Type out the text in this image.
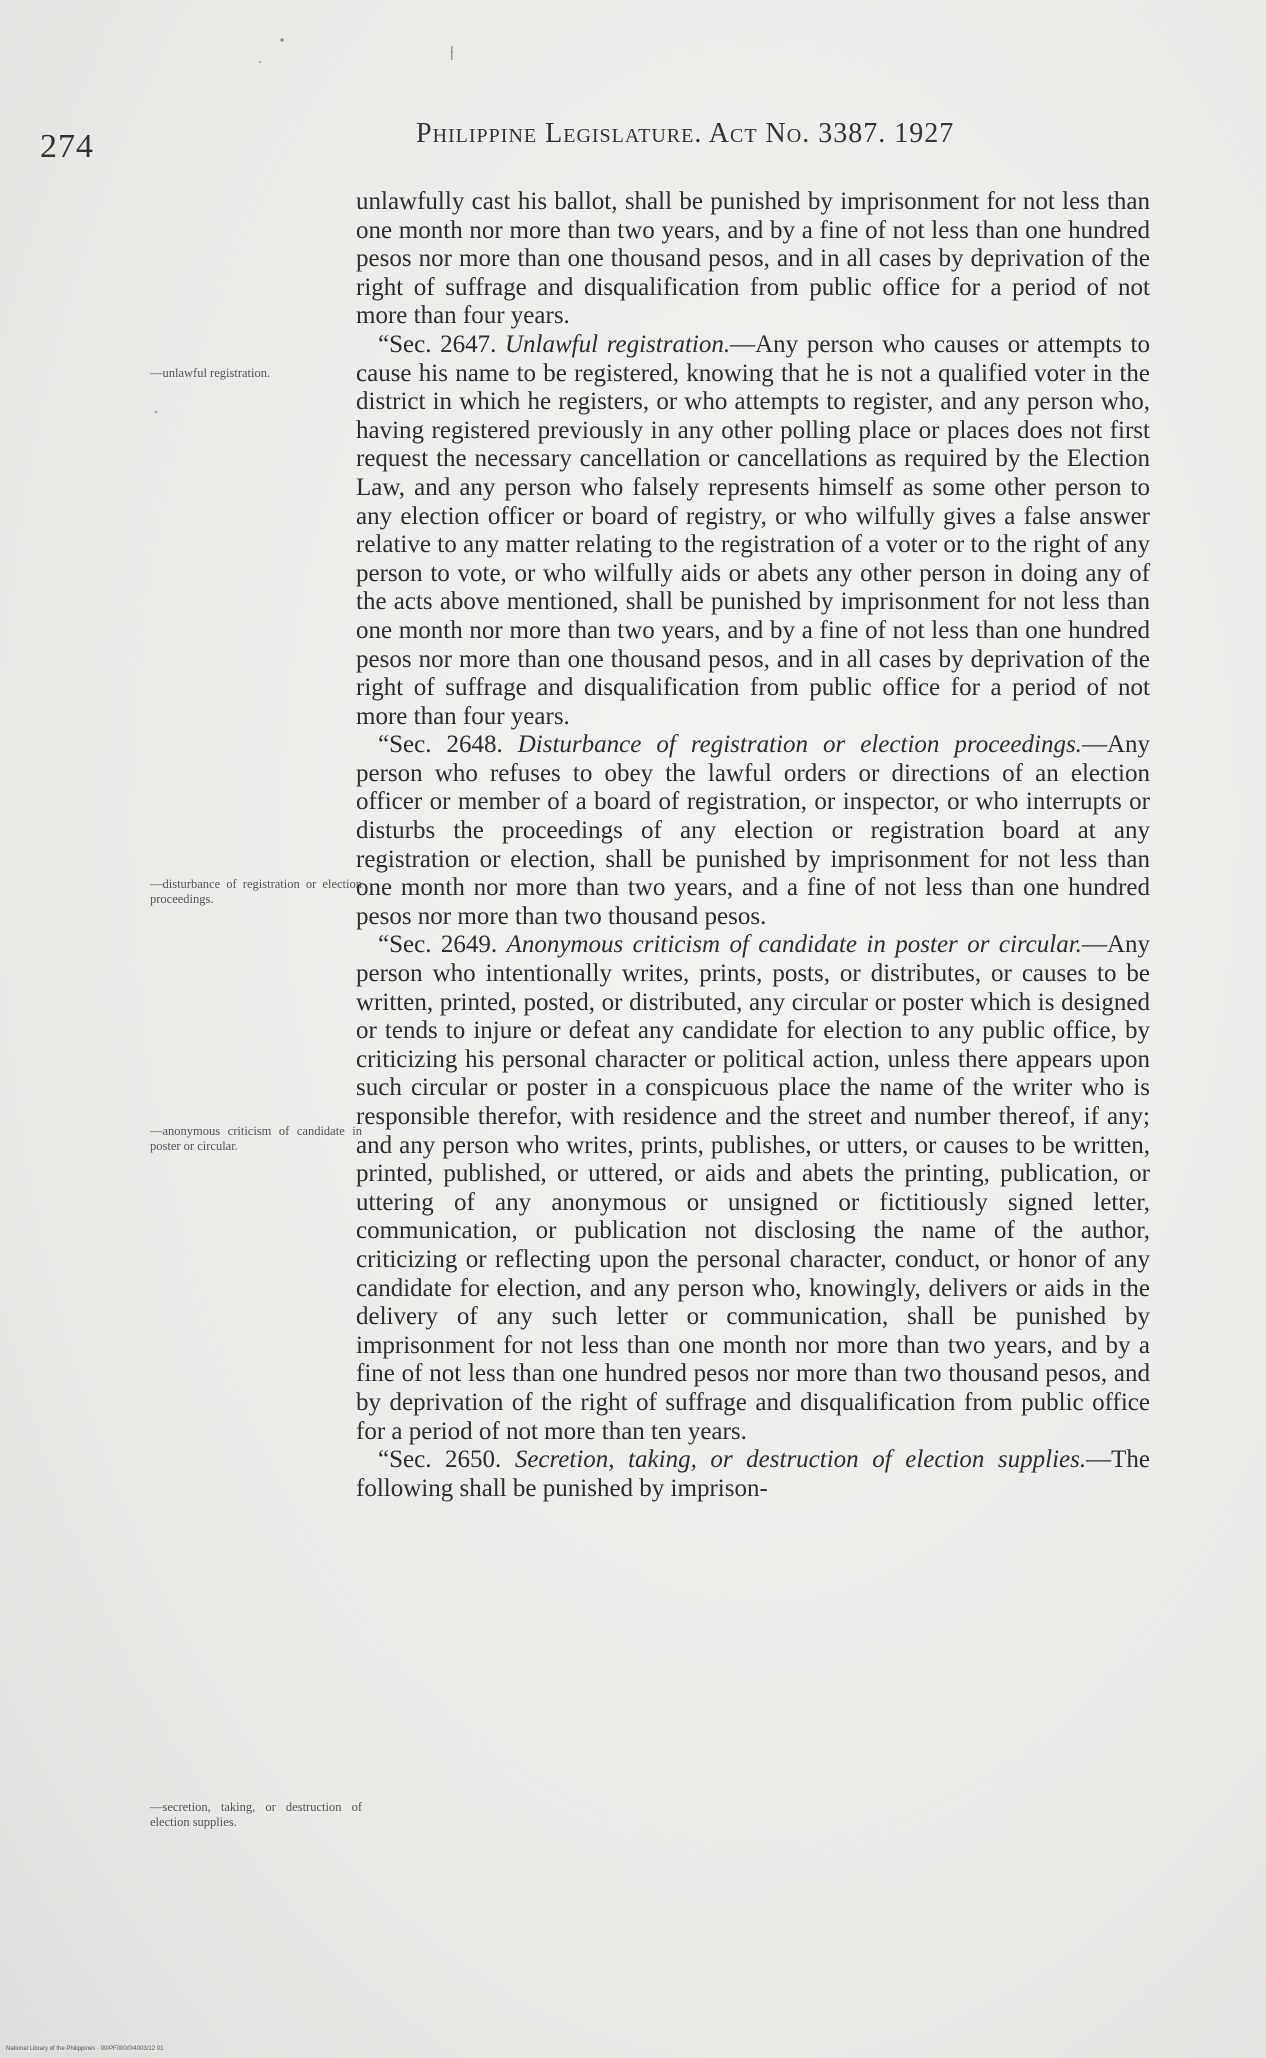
274	Philippine Legislature. Act No. 3387. 1927
—unlawful registration.
—disturbance of registration or election proceedings.
—anonymous criticism of candidate in poster or circular.
—secretion, taking, or destruction of election supplies.

unlawfully cast his ballot, shall be punished by imprisonment for not less than one month nor more than two years, and by a fine of not less than one hundred pesos nor more than one thousand pesos, and in all cases by deprivation of the right of suffrage and disqualification from public office for a period of not more than four years.

“Sec. 2647. Unlawful registration.—Any person who causes or attempts to cause his name to be registered, knowing that he is not a qualified voter in the district in which he registers, or who attempts to register, and any person who, having registered previously in any other polling place or places does not first request the necessary cancellation or cancellations as required by the Election Law, and any person who falsely represents himself as some other person to any election officer or board of registry, or who wilfully gives a false answer relative to any matter relating to the registration of a voter or to the right of any person to vote, or who wilfully aids or abets any other person in doing any of the acts above mentioned, shall be punished by imprisonment for not less than one month nor more than two years, and by a fine of not less than one hundred pesos nor more than one thousand pesos, and in all cases by deprivation of the right of suffrage and disqualification from public office for a period of not more than four years.

“Sec. 2648. Disturbance of registration or election proceedings.—Any person who refuses to obey the lawful orders or directions of an election officer or member of a board of registration, or inspector, or who interrupts or disturbs the proceedings of any election or registration board at any registration or election, shall be punished by imprisonment for not less than one month nor more than two years, and a fine of not less than one hundred pesos nor more than two thousand pesos.

“Sec. 2649. Anonymous criticism of candidate in poster or circular.—Any person who intentionally writes, prints, posts, or distributes, or causes to be written, printed, posted, or distributed, any circular or poster which is designed or tends to injure or defeat any candidate for election to any public office, by criticizing his personal character or political action, unless there appears upon such circular or poster in a conspicuous place the name of the writer who is responsible therefor, with residence and the street and number thereof, if any; and any person who writes, prints, publishes, or utters, or causes to be written, printed, published, or uttered, or aids and abets the printing, publication, or uttering of any anonymous or unsigned or fictitiously signed letter, communication, or publication not disclosing the name of the author, criticizing or reflecting upon the personal character, conduct, or honor of any candidate for election, and any person who, knowingly, delivers or aids in the delivery of any such letter or communication, shall be punished by imprisonment for not less than one month nor more than two years, and by a fine of not less than one hundred pesos nor more than two thousand pesos, and by deprivation of the right of suffrage and disqualification from public office for a period of not more than ten years.

“Sec. 2650. Secretion, taking, or destruction of election supplies.—The following shall be punished by imprison-

National Library of the Philippines · 00/PF000/0/4003/12 01
